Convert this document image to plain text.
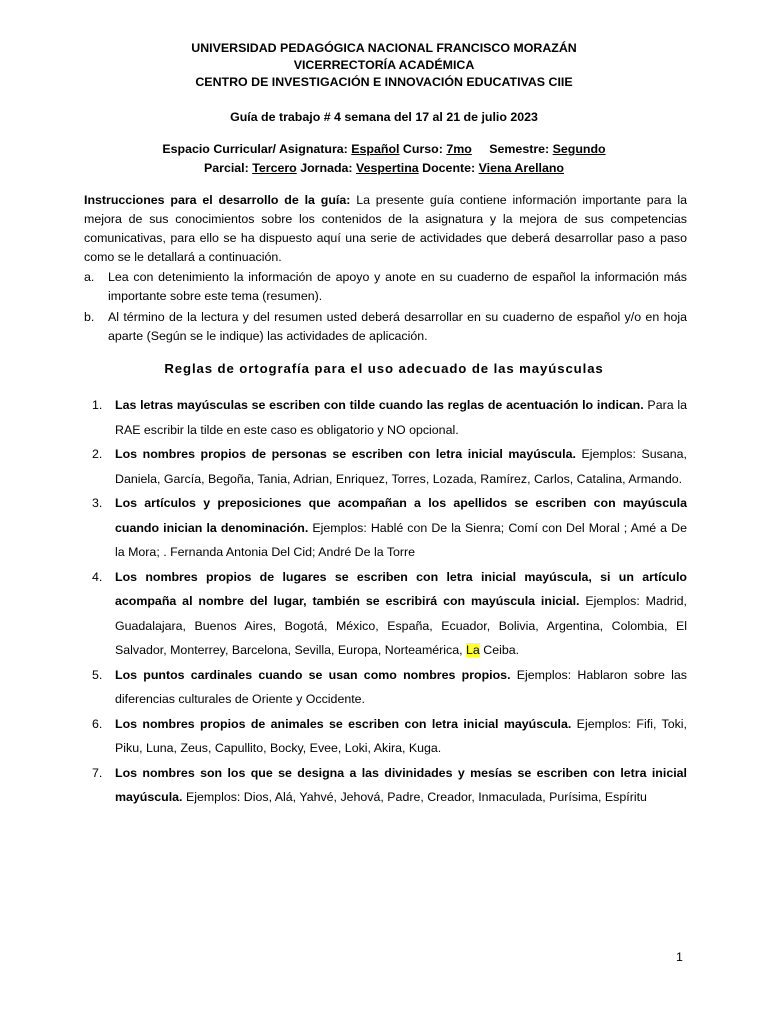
UNIVERSIDAD PEDAGÓGICA NACIONAL FRANCISCO MORAZÁN
VICERRECTORÍA ACADÉMICA
CENTRO DE INVESTIGACIÓN E INNOVACIÓN EDUCATIVAS CIIE
Guía de trabajo # 4 semana del 17 al 21 de julio 2023
Espacio Curricular/ Asignatura: Español Curso: 7mo Semestre: Segundo
Parcial: Tercero Jornada: Vespertina Docente: Viena Arellano
Instrucciones para el desarrollo de la guía: La presente guía contiene información importante para la mejora de sus conocimientos sobre los contenidos de la asignatura y la mejora de sus competencias comunicativas, para ello se ha dispuesto aquí una serie de actividades que deberá desarrollar paso a paso como se le detallará a continuación.
a.	Lea con detenimiento la información de apoyo y anote en su cuaderno de español la información más importante sobre este tema (resumen).
b.	Al término de la lectura y del resumen usted deberá desarrollar en su cuaderno de español y/o en hoja aparte (Según se le indique) las actividades de aplicación.
Reglas de ortografía para el uso adecuado de las mayúsculas
1.	Las letras mayúsculas se escriben con tilde cuando las reglas de acentuación lo indican. Para la RAE escribir la tilde en este caso es obligatorio y NO opcional.
2.	Los nombres propios de personas se escriben con letra inicial mayúscula. Ejemplos: Susana, Daniela, García, Begoña, Tania, Adrian, Enriquez, Torres, Lozada, Ramírez, Carlos, Catalina, Armando.
3.	Los artículos y preposiciones que acompañan a los apellidos se escriben con mayúscula cuando inician la denominación. Ejemplos: Hablé con De la Sienra; Comí con Del Moral ; Amé a De la Mora; . Fernanda Antonia Del Cid; André De la Torre
4.	Los nombres propios de lugares se escriben con letra inicial mayúscula, si un artículo acompaña al nombre del lugar, también se escribirá con mayúscula inicial. Ejemplos: Madrid, Guadalajara, Buenos Aires, Bogotá, México, España, Ecuador, Bolivia, Argentina, Colombia, El Salvador, Monterrey, Barcelona, Sevilla, Europa, Norteamérica, La Ceiba.
5.	Los puntos cardinales cuando se usan como nombres propios. Ejemplos: Hablaron sobre las diferencias culturales de Oriente y Occidente.
6.	Los nombres propios de animales se escriben con letra inicial mayúscula. Ejemplos: Fifi, Toki, Piku, Luna, Zeus, Capullito, Bocky, Evee, Loki, Akira, Kuga.
7.	Los nombres son los que se designa a las divinidades y mesías se escriben con letra inicial mayúscula. Ejemplos: Dios, Alá, Yahvé, Jehová, Padre, Creador, Inmaculada, Purísima, Espíritu
1
